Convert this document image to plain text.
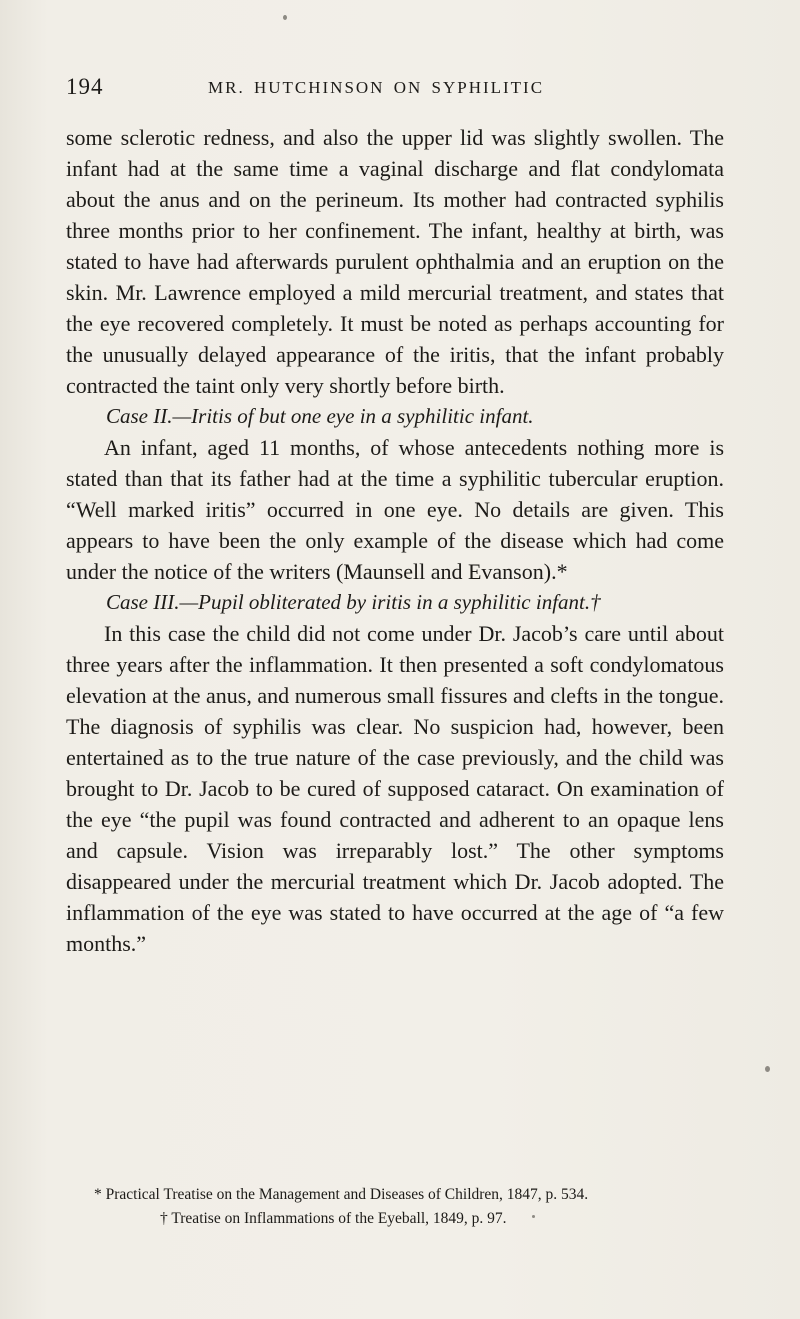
194	MR. HUTCHINSON ON SYPHILITIC

some sclerotic redness, and also the upper lid was slightly swollen. The infant had at the same time a vaginal discharge and flat condylomata about the anus and on the perineum. Its mother had contracted syphilis three months prior to her confinement. The infant, healthy at birth, was stated to have had afterwards purulent ophthalmia and an eruption on the skin. Mr. Lawrence employed a mild mercurial treatment, and states that the eye recovered completely. It must be noted as perhaps accounting for the unusually delayed appearance of the iritis, that the infant probably contracted the taint only very shortly before birth.

Case II.—Iritis of but one eye in a syphilitic infant.

An infant, aged 11 months, of whose antecedents nothing more is stated than that its father had at the time a syphilitic tubercular eruption. “Well marked iritis” occurred in one eye. No details are given. This appears to have been the only example of the disease which had come under the notice of the writers (Maunsell and Evanson).*

Case III.—Pupil obliterated by iritis in a syphilitic infant.†

In this case the child did not come under Dr. Jacob’s care until about three years after the inflammation. It then presented a soft condylomatous elevation at the anus, and numerous small fissures and clefts in the tongue. The diagnosis of syphilis was clear. No suspicion had, however, been entertained as to the true nature of the case previously, and the child was brought to Dr. Jacob to be cured of supposed cataract. On examination of the eye “the pupil was found contracted and adherent to an opaque lens and capsule. Vision was irreparably lost.” The other symptoms disappeared under the mercurial treatment which Dr. Jacob adopted. The inflammation of the eye was stated to have occurred at the age of “a few months.”

* Practical Treatise on the Management and Diseases of Children, 1847, p. 534.

† Treatise on Inflammations of the Eyeball, 1849, p. 97.
